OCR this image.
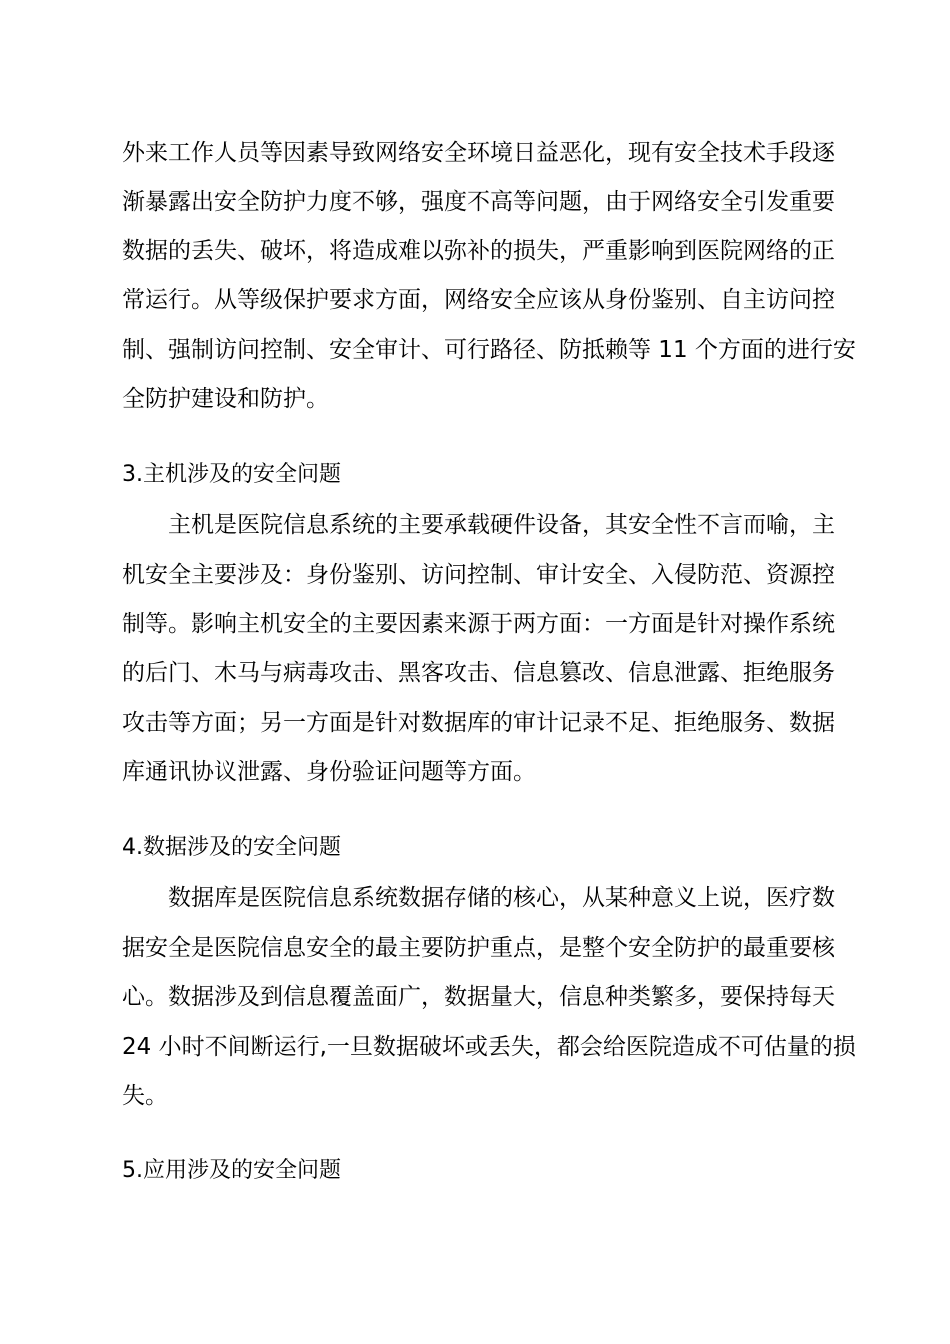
外来工作人员等因素导致网络安全环境日益恶化，现有安全技术手段逐
渐暴露出安全防护力度不够，强度不高等问题，由于网络安全引发重要
数据的丢失、破坏，将造成难以弥补的损失，严重影响到医院网络的正
常运行。从等级保护要求方面，网络安全应该从身份鉴别、自主访问控
制、强制访问控制、安全审计、可行路径、防抵赖等 11 个方面的进行安
全防护建设和防护。
3.主机涉及的安全问题
主机是医院信息系统的主要承载硬件设备，其安全性不言而喻，主
机安全主要涉及：身份鉴别、访问控制、审计安全、入侵防范、资源控
制等。影响主机安全的主要因素来源于两方面：一方面是针对操作系统
的后门、木马与病毒攻击、黑客攻击、信息篡改、信息泄露、拒绝服务
攻击等方面；另一方面是针对数据库的审计记录不足、拒绝服务、数据
库通讯协议泄露、身份验证问题等方面。
4.数据涉及的安全问题
数据库是医院信息系统数据存储的核心，从某种意义上说，医疗数
据安全是医院信息安全的最主要防护重点，是整个安全防护的最重要核
心。数据涉及到信息覆盖面广，数据量大，信息种类繁多，要保持每天
24 小时不间断运行,一旦数据破坏或丢失，都会给医院造成不可估量的损
失。
5.应用涉及的安全问题
